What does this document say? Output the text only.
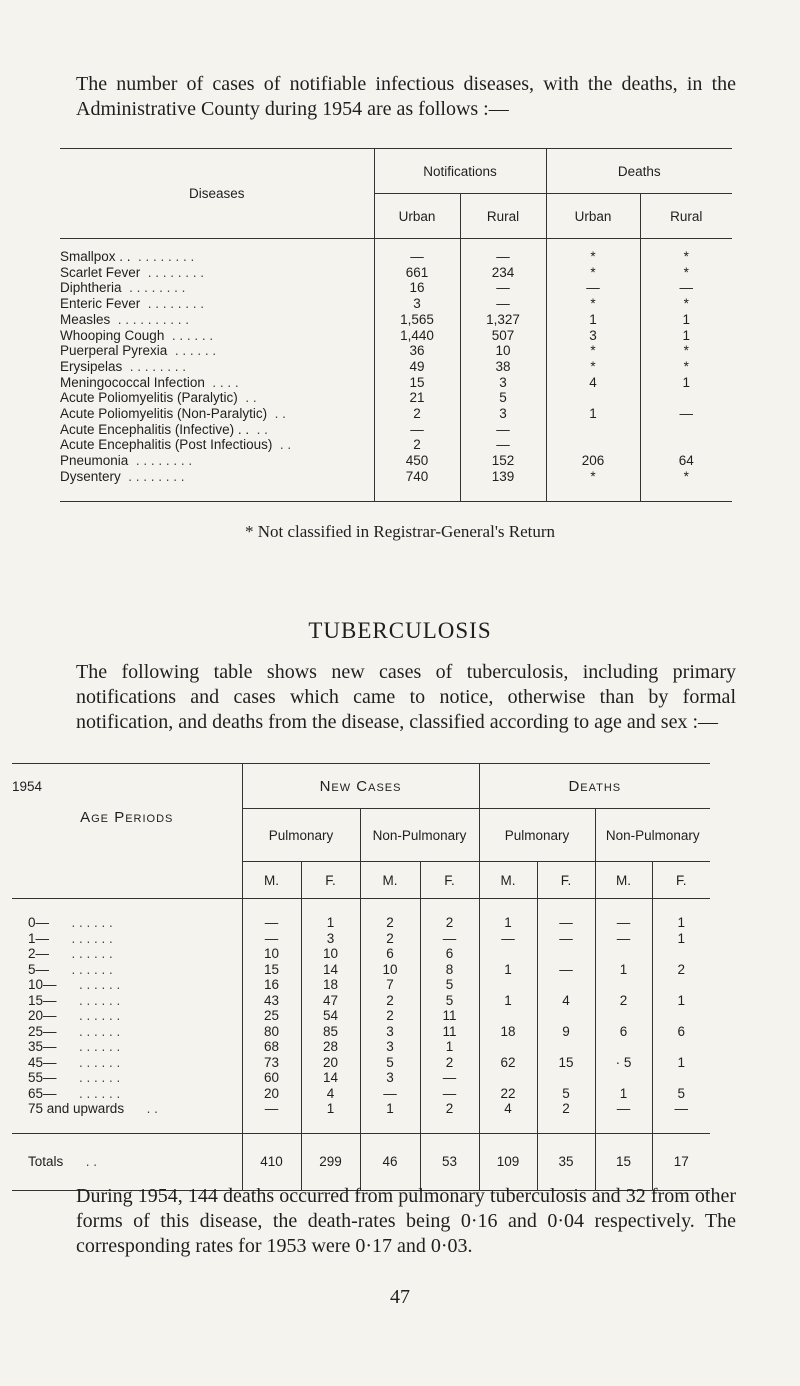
The number of cases of notifiable infectious diseases, with the deaths, in the Administrative County during 1954 are as follows :—

Diseases	Notifications		Deaths	
	Urban	Rural	Urban	Rural
Smallpox . . . . . . . . . .	—	—	*	*
Scarlet Fever . . . . . . . .	661	234	*	*
Diphtheria . . . . . . . .	16	—	—	—
Enteric Fever . . . . . . . .	3	—	*	*
Measles . . . . . . . . . .	1,565	1,327	1	1
Whooping Cough . . . . . .	1,440	507	3	1
Puerperal Pyrexia . . . . . .	36	10	*	*
Erysipelas . . . . . . . .	49	38	*	*
Meningococcal Infection . . . .	15	3	4	1
Acute Poliomyelitis (Paralytic) . .	21	5		
Acute Poliomyelitis (Non-Paralytic) . .	2	3	1	—
Acute Encephalitis (Infective) . . . .	—	—		
Acute Encephalitis (Post Infectious) . .	2	—		
Pneumonia . . . . . . . .	450	152	206	64
Dysentery . . . . . . . .	740	139	*	*
* Not classified in Registrar-General's Return
TUBERCULOSIS

The following table shows new cases of tuberculosis, including primary notifications and cases which came to notice, otherwise than by formal notification, and deaths from the disease, classified according to age and sex :—

1954	New Cases				Deaths			
Age Periods	Pulmonary		Non-Pulmonary		Pulmonary		Non-Pulmonary	
	M.	F.	M.	F.	M.	F.	M.	F.
0— . . . . . .	—	1	2	2	1	—	—	1
1— . . . . . .	—	3	2	—	—	—	—	1
2— . . . . . .	10	10	6	6				
5— . . . . . .	15	14	10	8	1	—	1	2
10— . . . . . .	16	18	7	5				
15— . . . . . .	43	47	2	5	1	4	2	1
20— . . . . . .	25	54	2	11				
25— . . . . . .	80	85	3	11	18	9	6	6
35— . . . . . .	68	28	3	1				
45— . . . . . .	73	20	5	2	62	15	· 5	1
55— . . . . . .	60	14	3	—				
65— . . . . . .	20	4	—	—	22	5	1	5
75 and upwards . .	—	1	1	2	4	2	—	—
Totals . .	410	299	46	53	109	35	15	17

During 1954, 144 deaths occurred from pulmonary tuberculosis and 32 from other forms of this disease, the death-rates being 0·16 and 0·04 respectively. The corresponding rates for 1953 were 0·17 and 0·03.

47
